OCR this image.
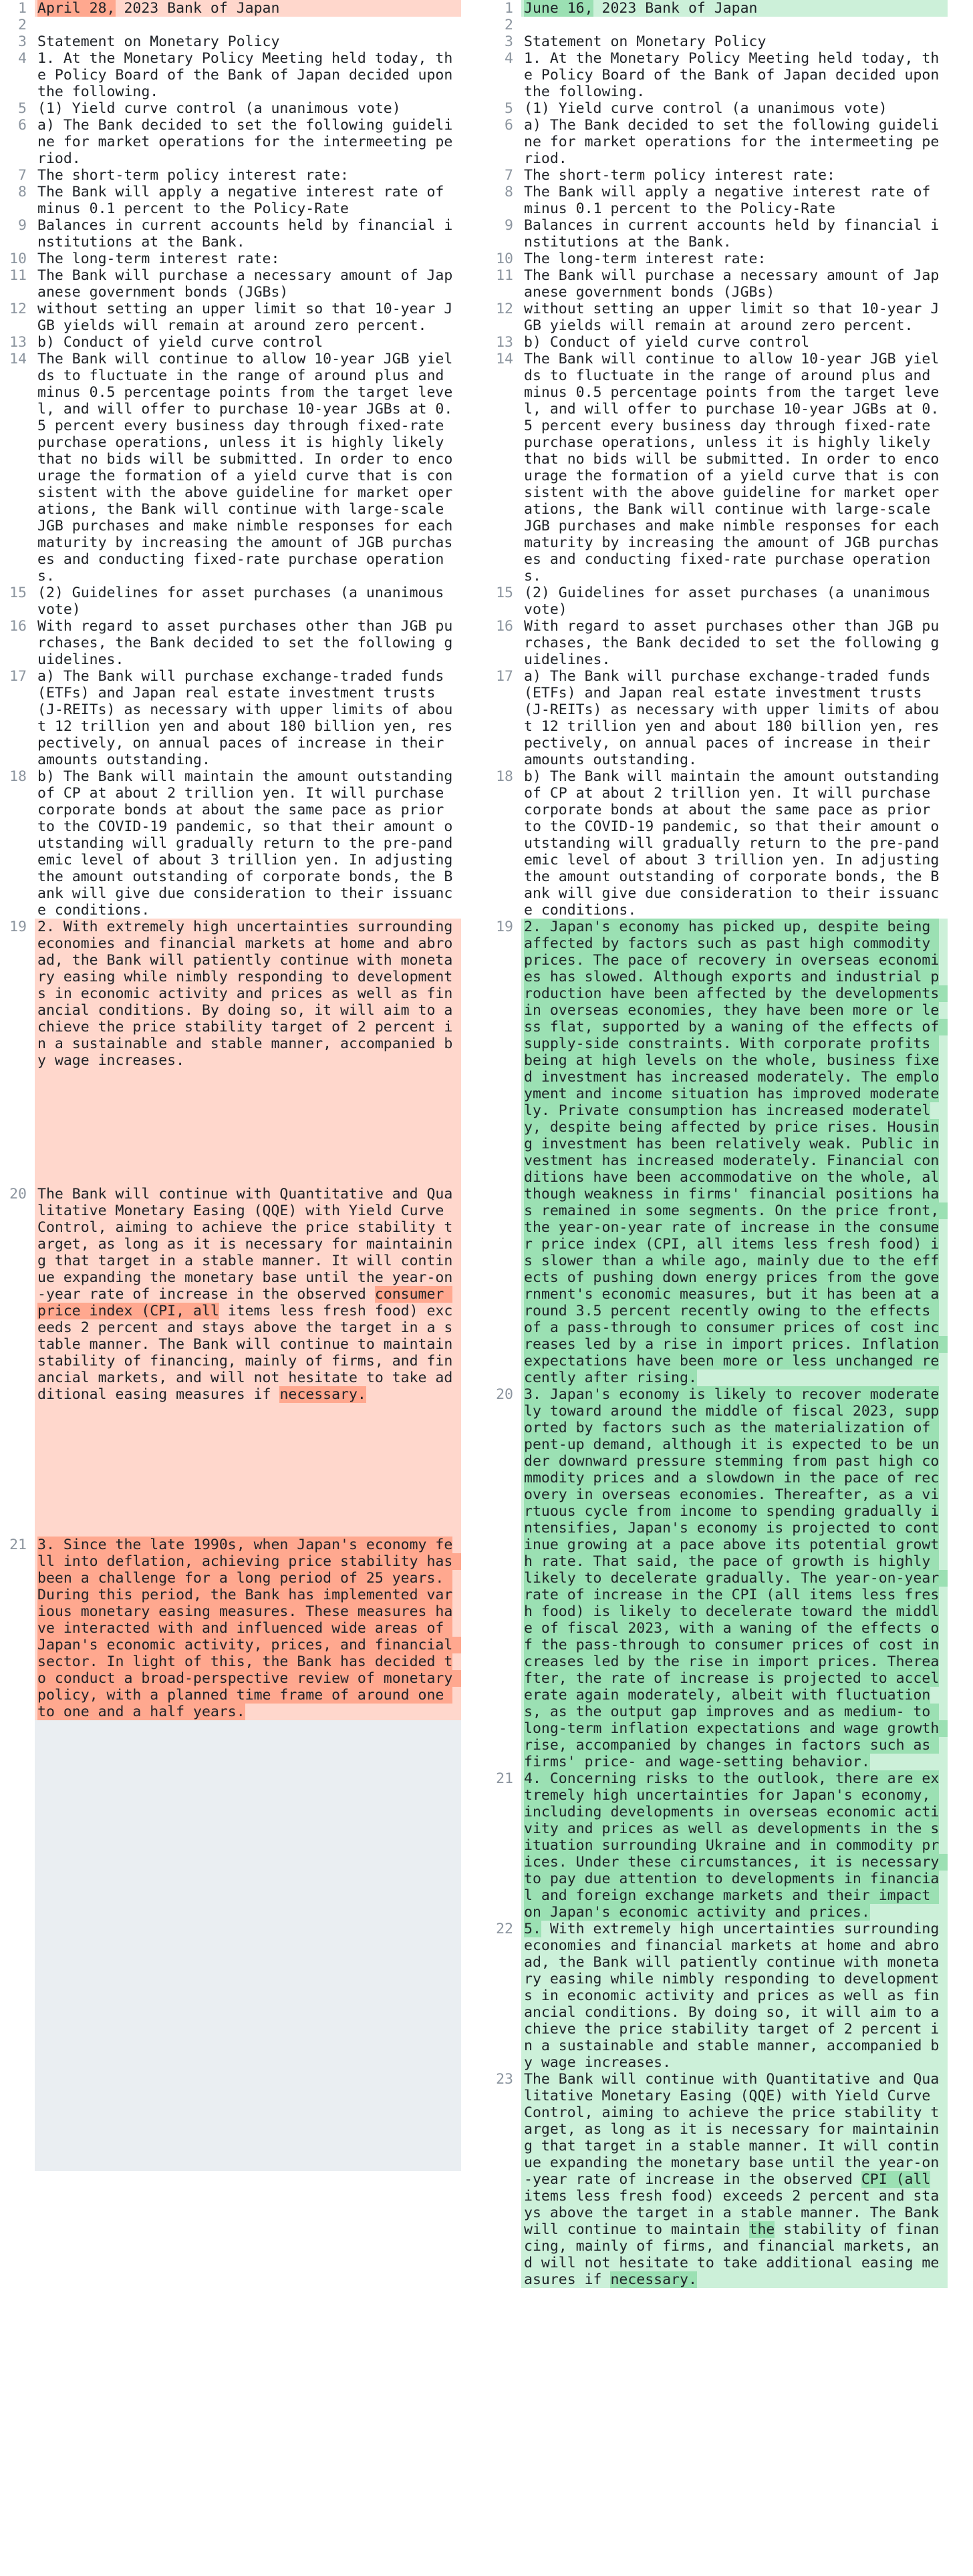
1 April 28, 2023 Bank of Japan
2

3 Statement on Monetary Policy
4 1. At the Monetary Policy Meeting held today, the Policy Board of the Bank of Japan decided upon the following.
5 (1) Yield curve control (a unanimous vote)
6 a) The Bank decided to set the following guideline for market operations for the intermeeting period.
7 The short-term policy interest rate:
8 The Bank will apply a negative interest rate of minus 0.1 percent to the Policy-Rate
9 Balances in current accounts held by financial institutions at the Bank.
10 The long-term interest rate:
11 The Bank will purchase a necessary amount of Japanese government bonds (JGBs)
12 without setting an upper limit so that 10-year JGB yields will remain at around zero percent.
13 b) Conduct of yield curve control
14 The Bank will continue to allow 10-year JGB yields to fluctuate in the range of around plus and minus 0.5 percentage points from the target level, and will offer to purchase 10-year JGBs at 0.5 percent every business day through fixed-rate purchase operations, unless it is highly likely that no bids will be submitted. In order to encourage the formation of a yield curve that is consistent with the above guideline for market operations, the Bank will continue with large-scale JGB purchases and make nimble responses for each maturity by increasing the amount of JGB purchases and conducting fixed-rate purchase operations.
15 (2) Guidelines for asset purchases (a unanimous vote)
16 With regard to asset purchases other than JGB purchases, the Bank decided to set the following guidelines.
17 a) The Bank will purchase exchange-traded funds (ETFs) and Japan real estate investment trusts (J-REITs) as necessary with upper limits of about 12 trillion yen and about 180 billion yen, respectively, on annual paces of increase in their amounts outstanding.
18 b) The Bank will maintain the amount outstanding of CP at about 2 trillion yen. It will purchase corporate bonds at about the same pace as prior to the COVID-19 pandemic, so that their amount outstanding will gradually return to the pre-pandemic level of about 3 trillion yen. In adjusting the amount outstanding of corporate bonds, the Bank will give due consideration to their issuance conditions.
19 2. With extremely high uncertainties surrounding economies and financial markets at home and abroad, the Bank will patiently continue with monetary easing while nimbly responding to developments in economic activity and prices as well as financial conditions. By doing so, it will aim to achieve the price stability target of 2 percent in a sustainable and stable manner, accompanied by wage increases.

20 The Bank will continue with Quantitative and Qualitative Monetary Easing (QQE) with Yield Curve Control, aiming to achieve the price stability target, as long as it is necessary for maintaining that target in a stable manner. It will continue expanding the monetary base until the year-on-year rate of increase in the observed consumer price index (CPI, all items less fresh food) exceeds 2 percent and stays above the target in a stable manner. The Bank will continue to maintain stability of financing, mainly of firms, and financial markets, and will not hesitate to take additional easing measures if necessary.

21 3. Since the late 1990s, when Japan's economy fell into deflation, achieving price stability has been a challenge for a long period of 25 years. During this period, the Bank has implemented various monetary easing measures. These measures have interacted with and influenced wide areas of Japan's economic activity, prices, and financial sector. In light of this, the Bank has decided to conduct a broad-perspective review of monetary policy, with a planned time frame of around one to one and a half years.
1 June 16, 2023 Bank of Japan
2

3 Statement on Monetary Policy
4 1. At the Monetary Policy Meeting held today, the Policy Board of the Bank of Japan decided upon the following.
5 (1) Yield curve control (a unanimous vote)
6 a) The Bank decided to set the following guideline for market operations for the intermeeting period.
7 The short-term policy interest rate:
8 The Bank will apply a negative interest rate of minus 0.1 percent to the Policy-Rate
9 Balances in current accounts held by financial institutions at the Bank.
10 The long-term interest rate:
11 The Bank will purchase a necessary amount of Japanese government bonds (JGBs)
12 without setting an upper limit so that 10-year JGB yields will remain at around zero percent.
13 b) Conduct of yield curve control
14 The Bank will continue to allow 10-year JGB yields to fluctuate in the range of around plus and minus 0.5 percentage points from the target level, and will offer to purchase 10-year JGBs at 0.5 percent every business day through fixed-rate purchase operations, unless it is highly likely that no bids will be submitted. In order to encourage the formation of a yield curve that is consistent with the above guideline for market operations, the Bank will continue with large-scale JGB purchases and make nimble responses for each maturity by increasing the amount of JGB purchases and conducting fixed-rate purchase operations.
15 (2) Guidelines for asset purchases (a unanimous vote)
16 With regard to asset purchases other than JGB purchases, the Bank decided to set the following guidelines.
17 a) The Bank will purchase exchange-traded funds (ETFs) and Japan real estate investment trusts (J-REITs) as necessary with upper limits of about 12 trillion yen and about 180 billion yen, respectively, on annual paces of increase in their amounts outstanding.
18 b) The Bank will maintain the amount outstanding of CP at about 2 trillion yen. It will purchase corporate bonds at about the same pace as prior to the COVID-19 pandemic, so that their amount outstanding will gradually return to the pre-pandemic level of about 3 trillion yen. In adjusting the amount outstanding of corporate bonds, the Bank will give due consideration to their issuance conditions.
19 2. Japan's economy has picked up, despite being affected by factors such as past high commodity prices. The pace of recovery in overseas economies has slowed. Although exports and industrial production have been affected by the developments in overseas economies, they have been more or less flat, supported by a waning of the effects of supply-side constraints. With corporate profits being at high levels on the whole, business fixed investment has increased moderately. The employment and income situation has improved moderately. Private consumption has increased moderately, despite being affected by price rises. Housing investment has been relatively weak. Public investment has increased moderately. Financial conditions have been accommodative on the whole, although weakness in firms' financial positions has remained in some segments. On the price front, the year-on-year rate of increase in the consumer price index (CPI, all items less fresh food) is slower than a while ago, mainly due to the effects of pushing down energy prices from the government's economic measures, but it has been at around 3.5 percent recently owing to the effects of a pass-through to consumer prices of cost increases led by a rise in import prices. Inflation expectations have been more or less unchanged recently after rising.
20 3. Japan's economy is likely to recover moderately toward around the middle of fiscal 2023, supported by factors such as the materialization of pent-up demand, although it is expected to be under downward pressure stemming from past high commodity prices and a slowdown in the pace of recovery in overseas economies. Thereafter, as a virtuous cycle from income to spending gradually intensifies, Japan's economy is projected to continue growing at a pace above its potential growth rate. That said, the pace of growth is highly likely to decelerate gradually. The year-on-year rate of increase in the CPI (all items less fresh food) is likely to decelerate toward the middle of fiscal 2023, with a waning of the effects of the pass-through to consumer prices of cost increases led by the rise in import prices. Thereafter, the rate of increase is projected to accelerate again moderately, albeit with fluctuations, as the output gap improves and as medium- to long-term inflation expectations and wage growth rise, accompanied by changes in factors such as firms' price- and wage-setting behavior.
21 4. Concerning risks to the outlook, there are extremely high uncertainties for Japan's economy, including developments in overseas economic activity and prices as well as developments in the situation surrounding Ukraine and in commodity prices. Under these circumstances, it is necessary to pay due attention to developments in financial and foreign exchange markets and their impact on Japan's economic activity and prices.

22 5. With extremely high uncertainties surrounding economies and financial markets at home and abroad, the Bank will patiently continue with monetary easing while nimbly responding to developments in economic activity and prices as well as financial conditions. By doing so, it will aim to achieve the price stability target of 2 percent in a sustainable and stable manner, accompanied by wage increases.
23 The Bank will continue with Quantitative and Qualitative Monetary Easing (QQE) with Yield Curve Control, aiming to achieve the price stability target, as long as it is necessary for maintaining that target in a stable manner. It will continue expanding the monetary base until the year-on-year rate of increase in the observed CPI (all items less fresh food) exceeds 2 percent and stays above the target in a stable manner. The Bank will continue to maintain the stability of financing, mainly of firms, and financial markets, and will not hesitate to take additional easing measures if necessary.
